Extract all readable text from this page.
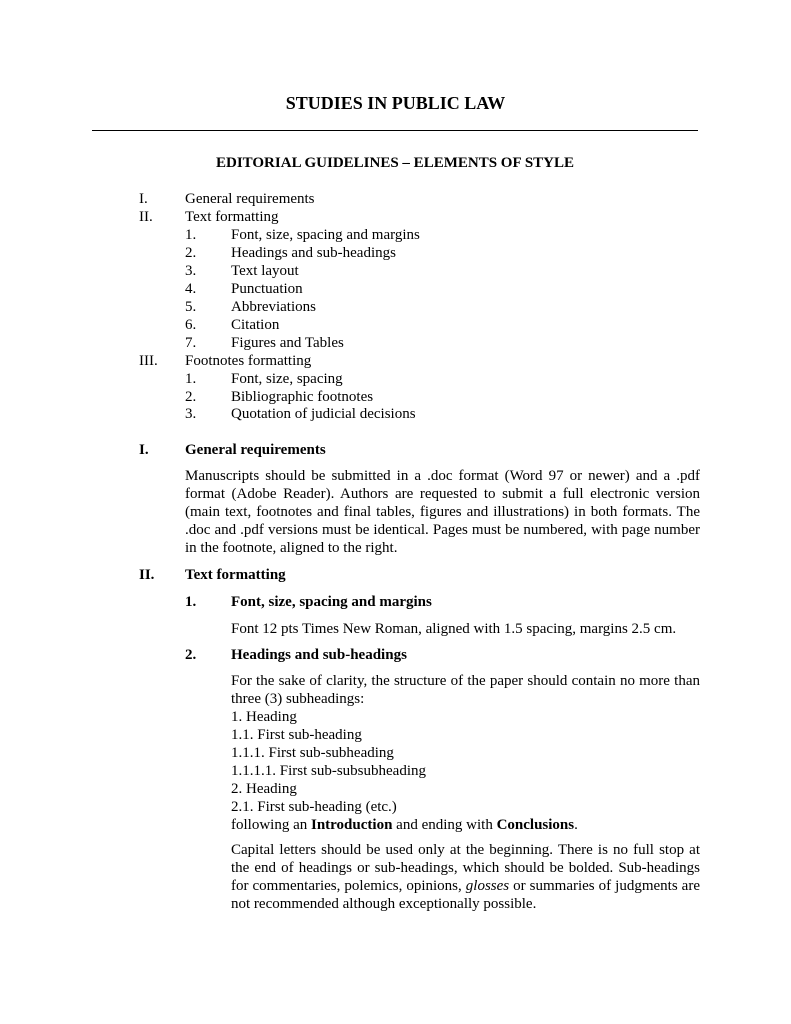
STUDIES IN PUBLIC LAW
EDITORIAL GUIDELINES – ELEMENTS OF STYLE
I. General requirements
II. Text formatting
1. Font, size, spacing and margins
2. Headings and sub-headings
3. Text layout
4. Punctuation
5. Abbreviations
6. Citation
7. Figures and Tables
III. Footnotes formatting
1. Font, size, spacing
2. Bibliographic footnotes
3. Quotation of judicial decisions
I. General requirements

Manuscripts should be submitted in a .doc format (Word 97 or newer) and a .pdf format (Adobe Reader). Authors are requested to submit a full electronic version (main text, footnotes and final tables, figures and illustrations) in both formats. The .doc and .pdf versions must be identical. Pages must be numbered, with page number in the footnote, aligned to the right.

II. Text formatting
1. Font, size, spacing and margins
Font 12 pts Times New Roman, aligned with 1.5 spacing, margins 2.5 cm.
2. Headings and sub-headings

For the sake of clarity, the structure of the paper should contain no more than three (3) subheadings:

1. Heading
1.1. First sub-heading
1.1.1. First sub-subheading
1.1.1.1. First sub-subsubheading
2. Heading
2.1. First sub-heading (etc.)
following an Introduction and ending with Conclusions.

Capital letters should be used only at the beginning. There is no full stop at the end of headings or sub-headings, which should be bolded. Sub-headings for commentaries, polemics, opinions, glosses or summaries of judgments are not recommended although exceptionally possible.
